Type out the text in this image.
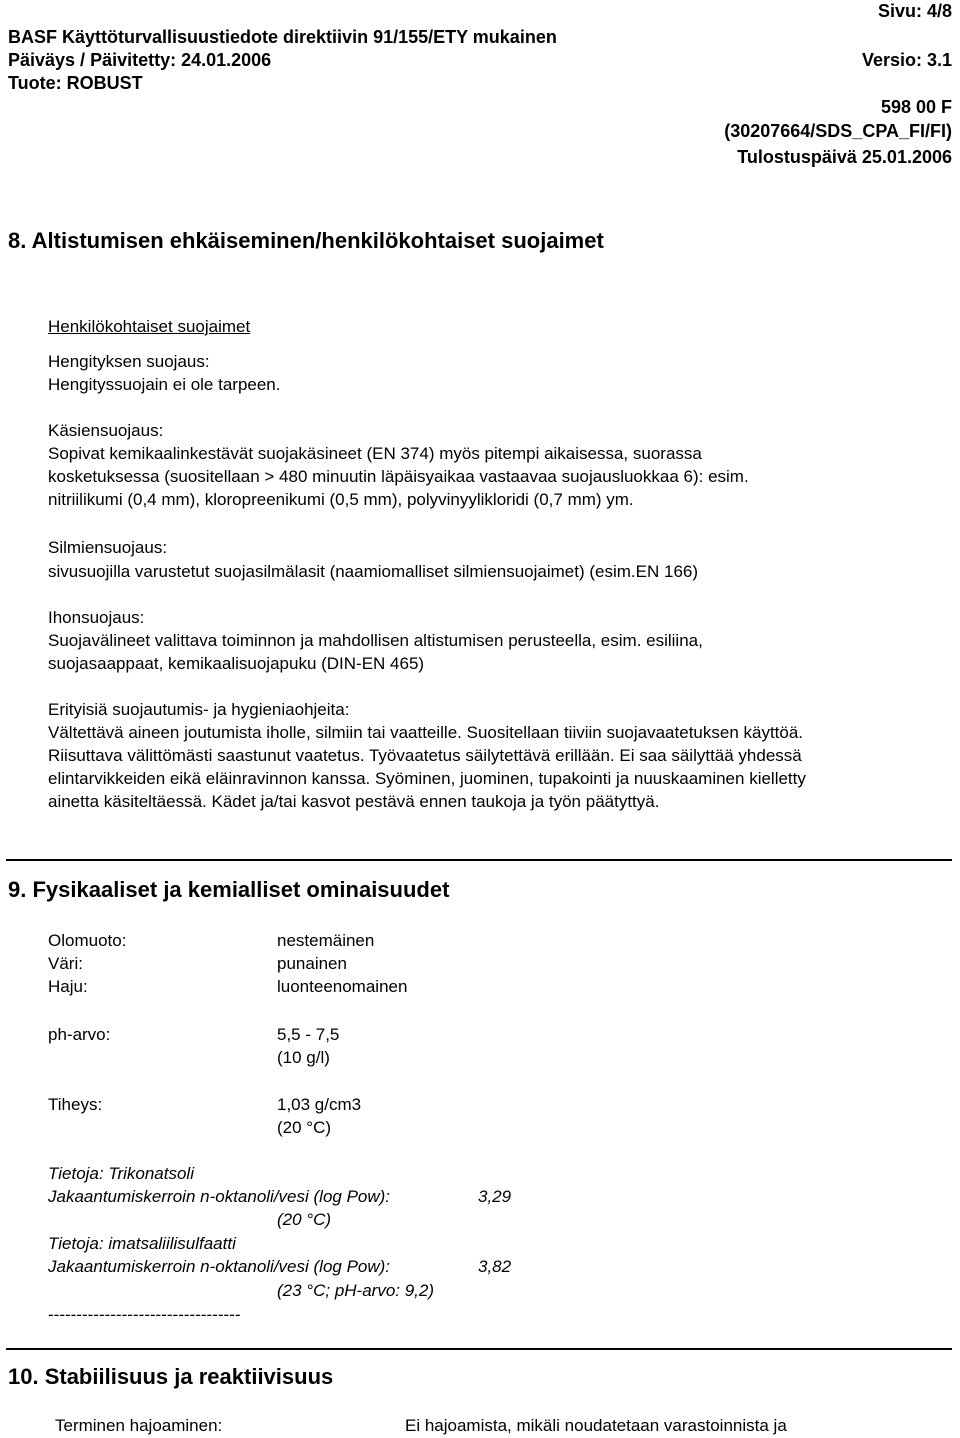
Sivu: 4/8
BASF Käyttöturvallisuustiedote direktiivin 91/155/ETY mukainen
Päiväys / Päivitetty: 24.01.2006	Versio: 3.1
Tuote: ROBUST
598 00 F
(30207664/SDS_CPA_FI/FI)
Tulostuspäivä 25.01.2006
8. Altistumisen ehkäiseminen/henkilökohtaiset suojaimet
Henkilökohtaiset suojaimet
Hengityksen suojaus:
Hengityssuojain ei ole tarpeen.
Käsiensuojaus:
Sopivat kemikaalinkestävät suojakäsineet (EN 374) myös pitempi aikaisessa, suorassa
kosketuksessa (suositellaan > 480 minuutin läpäisyaikaa vastaavaa suojausluokkaa 6): esim.
nitriilikumi (0,4 mm), kloropreenikumi (0,5 mm), polyvinyylikloridi (0,7 mm) ym.
Silmiensuojaus:
sivusuojilla varustetut suojasilmälasit (naamiomalliset silmiensuojaimet) (esim.EN 166)
Ihonsuojaus:
Suojavälineet valittava toiminnon ja mahdollisen altistumisen perusteella, esim. esiliina,
suojasaappaat, kemikaalisuojapuku (DIN-EN 465)
Erityisiä suojautumis- ja hygieniaohjeita:
Vältettävä aineen joutumista iholle, silmiin tai vaatteille. Suositellaan tiiviin suojavaatetuksen käyttöä.
Riisuttava välittömästi saastunut vaatetus. Työvaatetus säilytettävä erillään. Ei saa säilyttää yhdessä
elintarvikkeiden eikä eläinravinnon kanssa. Syöminen, juominen, tupakointi ja nuuskaaminen kielletty
ainetta käsiteltäessä. Kädet ja/tai kasvot pestävä ennen taukoja ja työn päätyttyä.
9. Fysikaaliset ja kemialliset ominaisuudet
Olomuoto:	nestemäinen
Väri:	punainen
Haju:	luonteenomainen
ph-arvo:	5,5 - 7,5
(10 g/l)
Tiheys:	1,03 g/cm3
(20 °C)
Tietoja: Trikonatsoli
Jakaantumiskerroin n-oktanoli/vesi (log Pow):	3,29
(20 °C)
Tietoja: imatsaliilisulfaatti
Jakaantumiskerroin n-oktanoli/vesi (log Pow):	3,82
(23 °C; pH-arvo: 9,2)
----------------------------------
10. Stabiilisuus ja reaktiivisuus
Terminen hajoaminen:	Ei hajoamista, mikäli noudatetaan varastoinnista ja
